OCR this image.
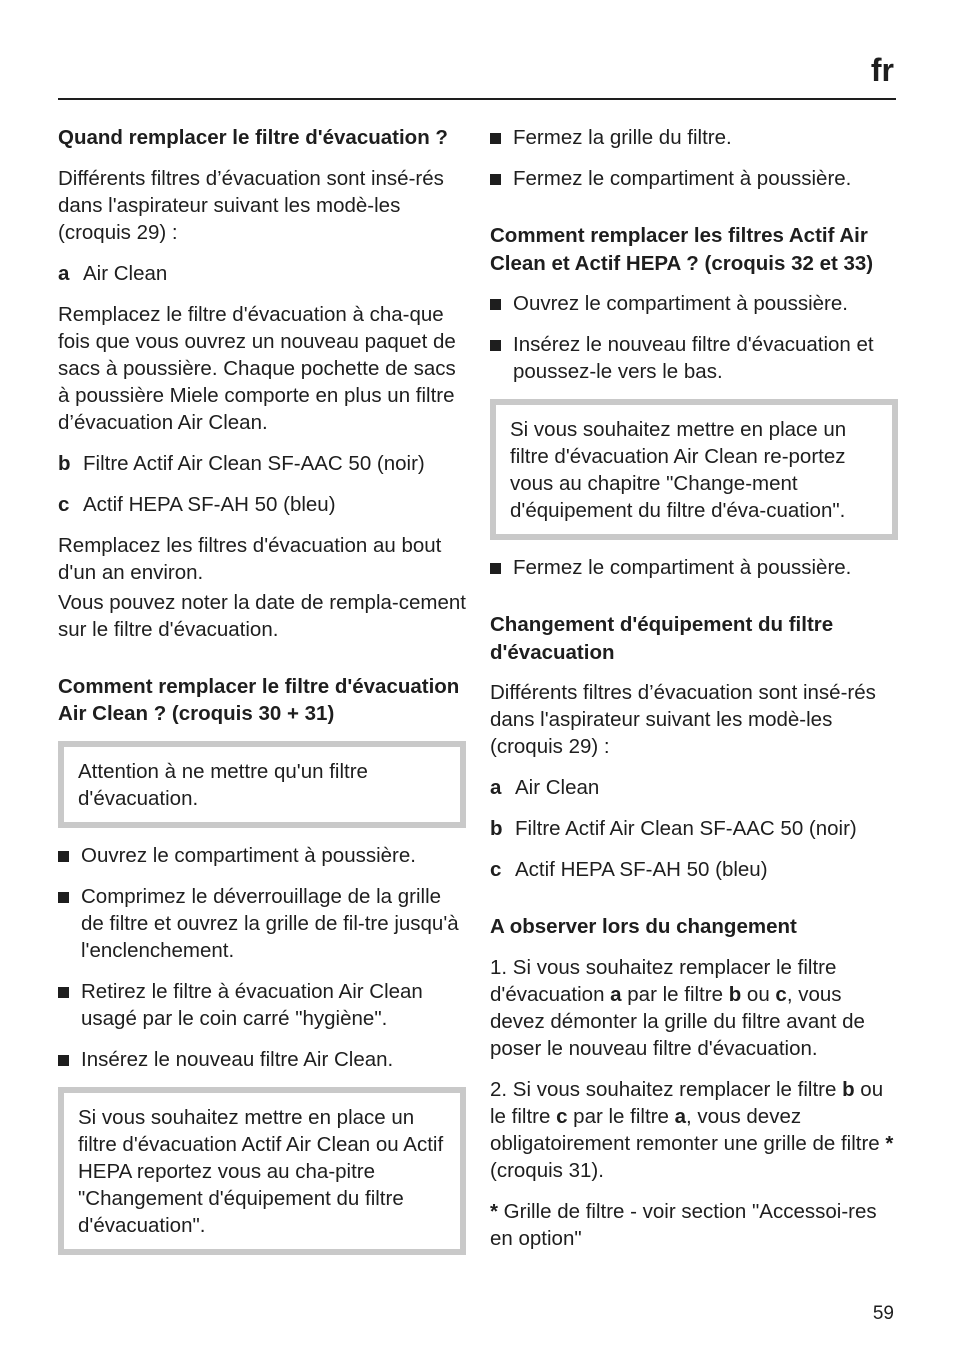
fr
Quand remplacer le filtre d'évacuation ?

Différents filtres d’évacuation sont insé-rés dans l'aspirateur suivant les modè-les (croquis 29) :

a Air Clean

Remplacez le filtre d'évacuation à cha-que fois que vous ouvrez un nouveau paquet de sacs à poussière. Chaque pochette de sacs à poussière Miele comporte en plus un filtre d’évacuation Air Clean.

b Filtre Actif Air Clean SF-AAC 50 (noir)
c Actif HEPA SF-AH 50 (bleu)

Remplacez les filtres d'évacuation au bout d'un an environ.

Vous pouvez noter la date de rempla-cement sur le filtre d'évacuation.

Comment remplacer le filtre d'évacuation Air Clean ? (croquis 30 + 31)
Attention à ne mettre qu'un filtre d'évacuation.
Ouvrez le compartiment à poussière.
Comprimez le déverrouillage de la grille de filtre et ouvrez la grille de fil-tre jusqu'à l'enclenchement.
Retirez le filtre à évacuation Air Clean usagé par le coin carré "hygiène".
Insérez le nouveau filtre Air Clean.
Si vous souhaitez mettre en place un filtre d'évacuation Actif Air Clean ou Actif HEPA reportez vous au cha-pitre "Changement d'équipement du filtre d'évacuation".
Fermez la grille du filtre.
Fermez le compartiment à poussière.
Comment remplacer les filtres Actif Air Clean et Actif HEPA ? (croquis 32 et 33)
Ouvrez le compartiment à poussière.
Insérez le nouveau filtre d'évacuation et poussez-le vers le bas.
Si vous souhaitez mettre en place un filtre d'évacuation Air Clean re-portez vous au chapitre "Change-ment d'équipement du filtre d'éva-cuation".
Fermez le compartiment à poussière.
Changement d'équipement du filtre d'évacuation

Différents filtres d’évacuation sont insé-rés dans l'aspirateur suivant les modè-les (croquis 29) :

a Air Clean
b Filtre Actif Air Clean SF-AAC 50 (noir)
c Actif HEPA SF-AH 50 (bleu)
A observer lors du changement

1. Si vous souhaitez remplacer le filtre d'évacuation a par le filtre b ou c, vous devez démonter la grille du filtre avant de poser le nouveau filtre d'évacuation.

2. Si vous souhaitez remplacer le filtre b ou le filtre c par le filtre a, vous devez obligatoirement remonter une grille de filtre * (croquis 31).

* Grille de filtre - voir section "Accessoi-res en option"

59
